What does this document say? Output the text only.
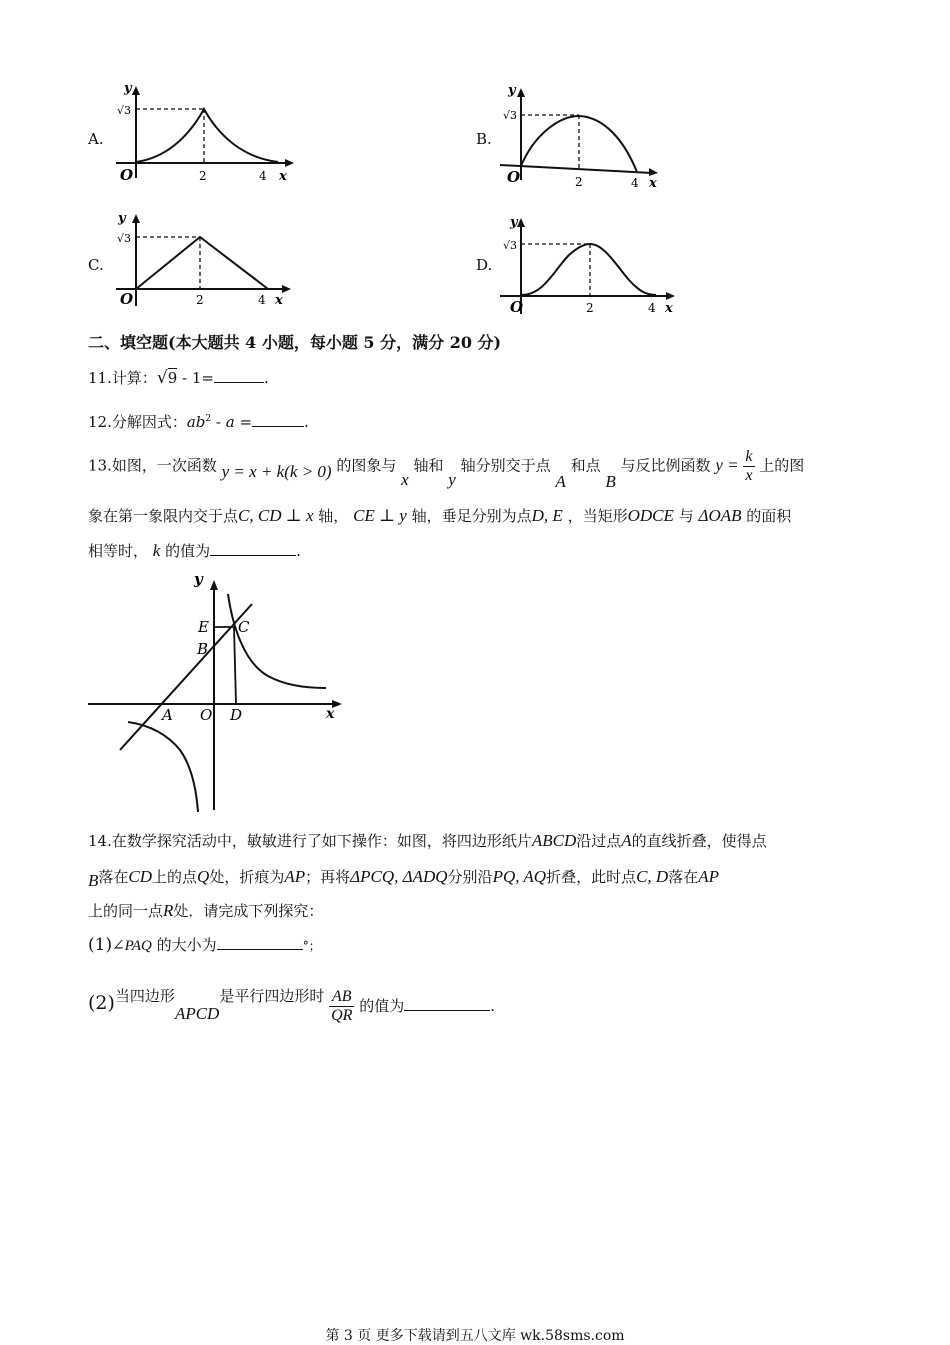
A.
y
√3
O	2	4 x
B.
y
√3
O	2	4 x
C.
y
√3
O	2	4 x
D.
y
√3
O	2	4 x
二、填空题(本大题共 4 小题，每小题 5 分，满分 20 分)
11.计算：√9 - 1=	.
12.分解因式：$ab^2$ - a =	.
13.如图，一次函数 y = x + k(k > 0) 的图象与 x 轴和 y 轴分别交于点 A 和点 B 与反比例函数 $y = \frac{k}{x}$ 上的图
象在第一象限内交于点C, CD ⊥ x 轴， CE ⊥ y 轴，垂足分别为点D, E ，当矩形ODCE 与 ΔOAB 的面积
相等时， k 的值为	.
y
x
E C
B
A O D
14.在数学探究活动中，敏敏进行了如下操作：如图，将四边形纸片ABCD沿过点A的直线折叠，使得点
B落在CD上的点Q处，折痕为AP；再将ΔPCQ, ΔADQ分别沿PQ, AQ折叠，此时点C, D落在AP
上的同一点R处．请完成下列探究：
(1)∠PAQ 的大小为	°；
(2)当四边形APCD是平行四边形时 $\frac{AB}{QR}$ 的值为	.
第 3 页 更多下载请到五八文库 wk.58sms.com
